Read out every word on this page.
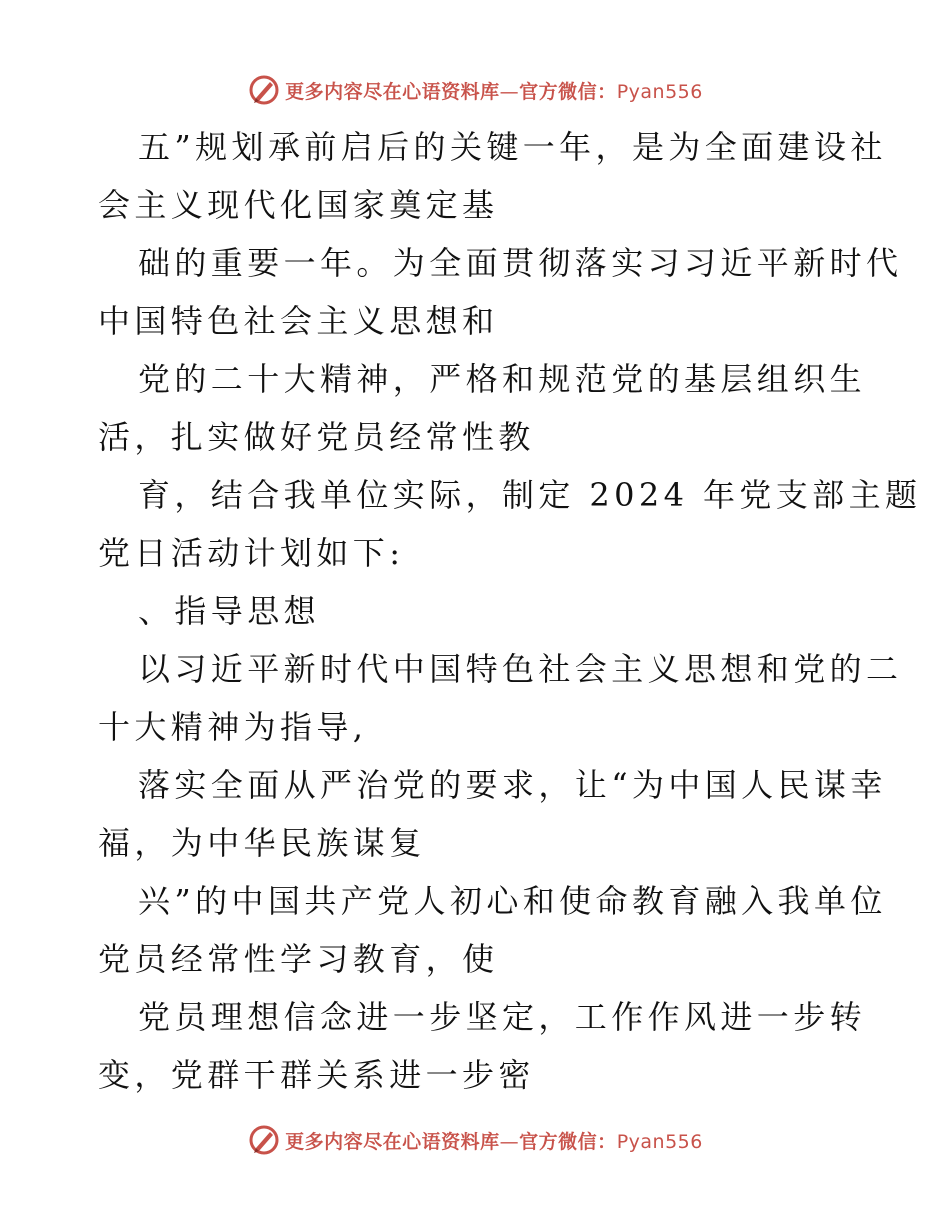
更多内容尽在心语资料库—官方微信：Pyan556
五”规划承前启后的关键一年，是为全面建设社
会主义现代化国家奠定基
础的重要一年。为全面贯彻落实习习近平新时代
中国特色社会主义思想和
党的二十大精神，严格和规范党的基层组织生
活，扎实做好党员经常性教
育，结合我单位实际，制定 2024 年党支部主题
党日活动计划如下:
、指导思想
以习近平新时代中国特色社会主义思想和党的二
十大精神为指导,
落实全面从严治党的要求，让“为中国人民谋幸
福，为中华民族谋复
兴”的中国共产党人初心和使命教育融入我单位
党员经常性学习教育，使
党员理想信念进一步坚定，工作作风进一步转
变，党群干群关系进一步密
更多内容尽在心语资料库—官方微信：Pyan556
